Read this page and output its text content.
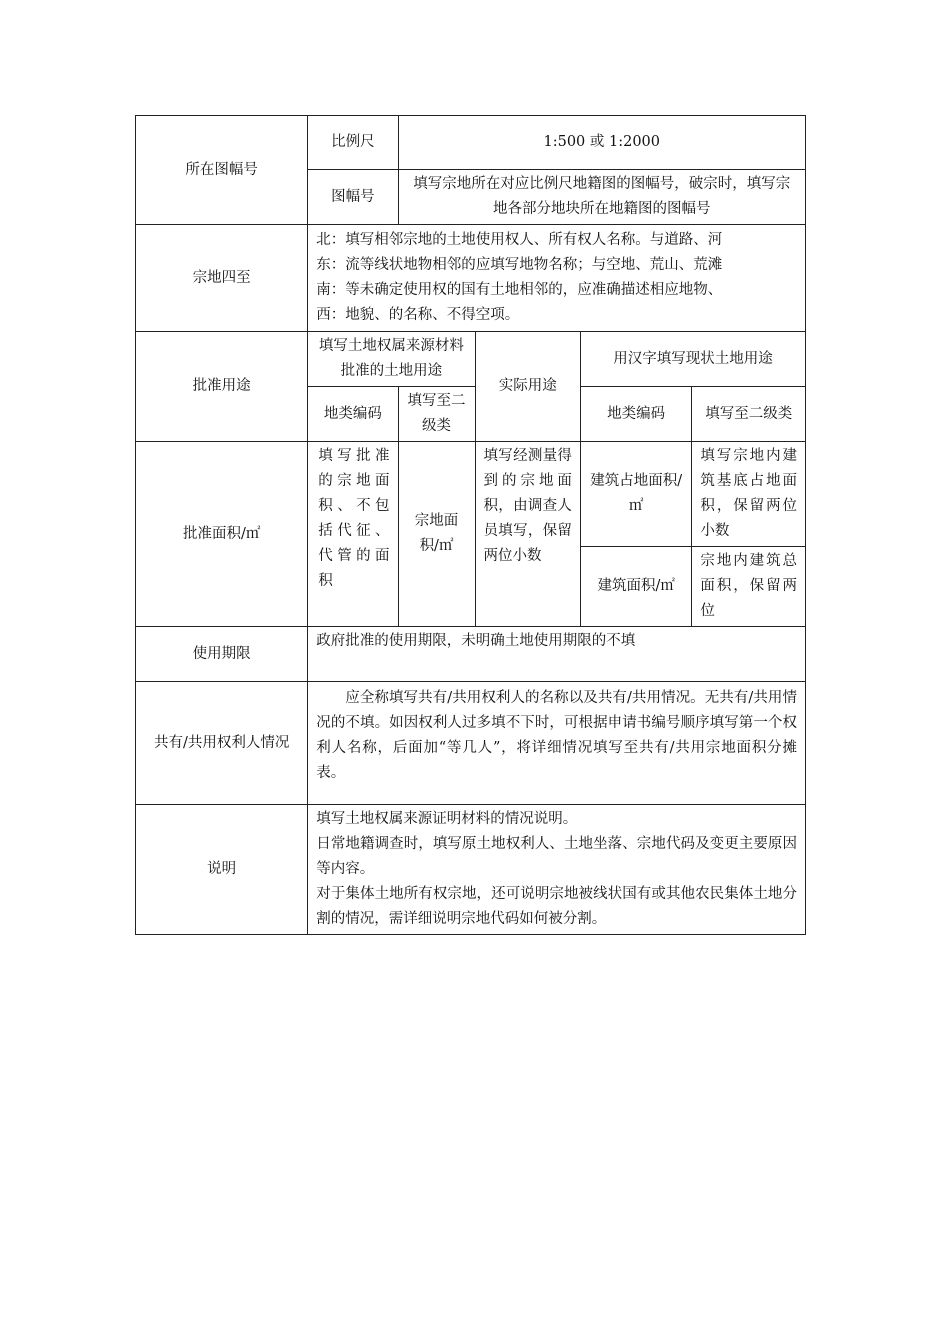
所在图幅号	比例尺	1:500 或 1:2000			
	图幅号	填写宗地所在对应比例尺地籍图的图幅号，破宗时，填写宗地各部分地块所在地籍图的图幅号			
宗地四至	北：填写相邻宗地的土地使用权人、所有权人名称。与道路、河
东：流等线状地物相邻的应填写地物名称；与空地、荒山、荒滩
南：等未确定使用权的国有土地相邻的，应准确描述相应地物、
西：地貌、的名称、不得空项。				

批准用途	填写土地权属来源材料批准的土地用途		实际用途	用汉字填写现状土地用途	
	地类编码	填写至二级类		地类编码	填写至二级类
批准面积/㎡	填写批准的宗地面积、不包括代征、代管的面积	宗地面积/㎡	填写经测量得到的宗地面积，由调查人员填写，保留两位小数	建筑占地面积/㎡	填写宗地内建筑基底占地面积，保留两位小数
				建筑面积/㎡	宗地内建筑总面积，保留两位
使用期限	政府批准的使用期限，未明确土地使用期限的不填				
共有/共用权利人情况	应全称填写共有/共用权利人的名称以及共有/共用情况。无共有/共用情况的不填。如因权利人过多填不下时，可根据申请书编号顺序填写第一个权利人名称，后面加“等几人”，将详细情况填写至共有/共用宗地面积分摊表。				
说明	填写土地权属来源证明材料的情况说明。
日常地籍调查时，填写原土地权利人、土地坐落、宗地代码及变更主要原因等内容。
对于集体土地所有权宗地，还可说明宗地被线状国有或其他农民集体土地分割的情况，需详细说明宗地代码如何被分割。				
